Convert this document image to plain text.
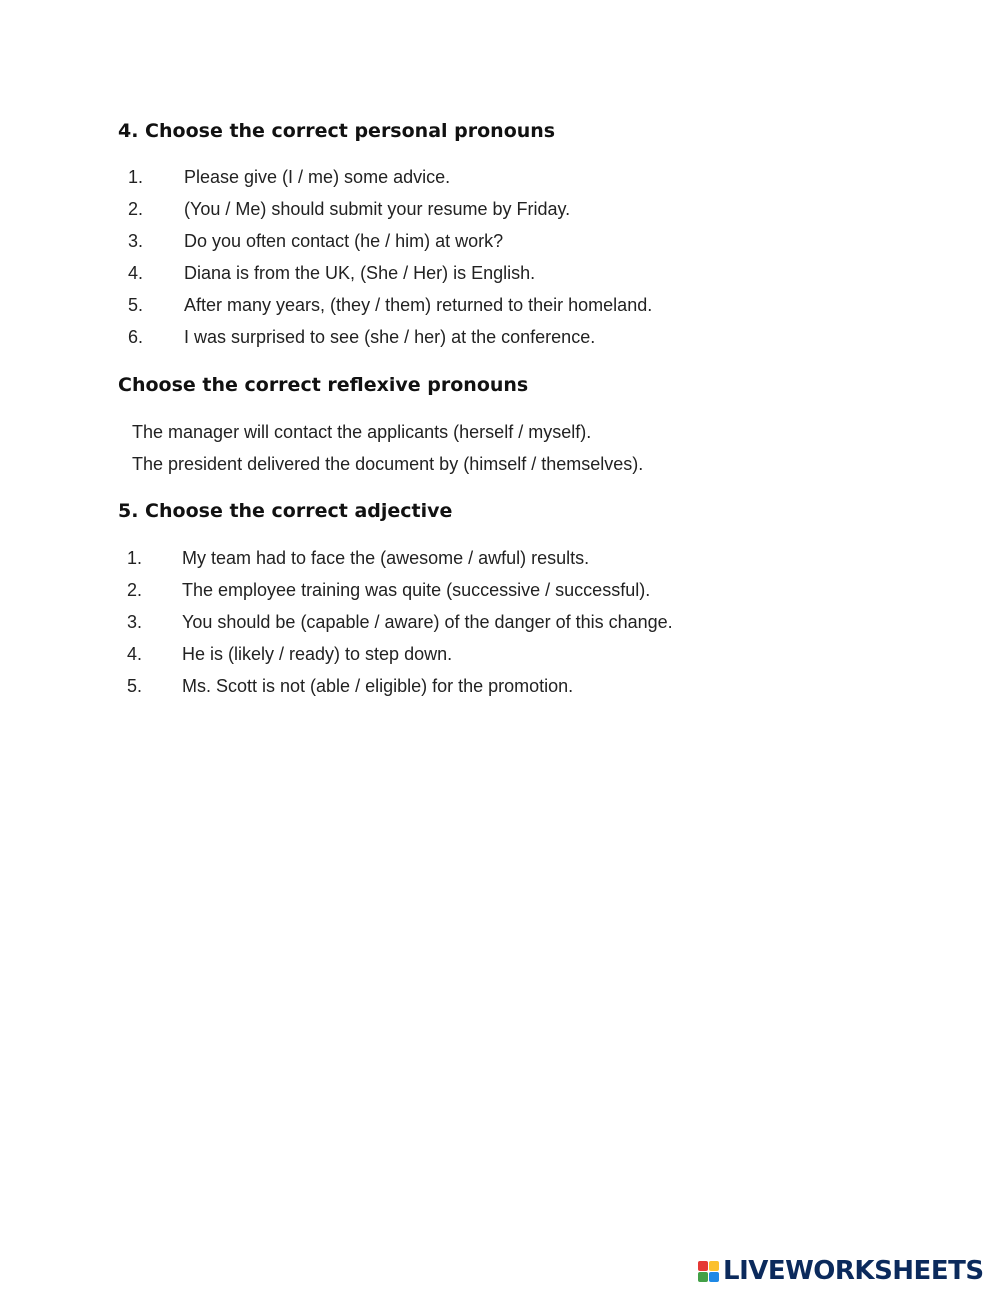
4. Choose the correct personal pronouns
1. Please give (I / me) some advice.
2. (You / Me) should submit your resume by Friday.
3. Do you often contact (he / him) at work?
4. Diana is from the UK, (She / Her) is English.
5. After many years, (they / them) returned to their homeland.
6. I was surprised to see (she / her) at the conference.
Choose the correct reflexive pronouns
The manager will contact the applicants (herself / myself).
The president delivered the document by (himself / themselves).
5. Choose the correct adjective
1. My team had to face the (awesome / awful) results.
2. The employee training was quite (successive / successful).
3. You should be (capable / aware) of the danger of this change.
4. He is (likely / ready) to step down.
5. Ms. Scott is not (able / eligible) for the promotion.
LIVEWORKSHEETS
